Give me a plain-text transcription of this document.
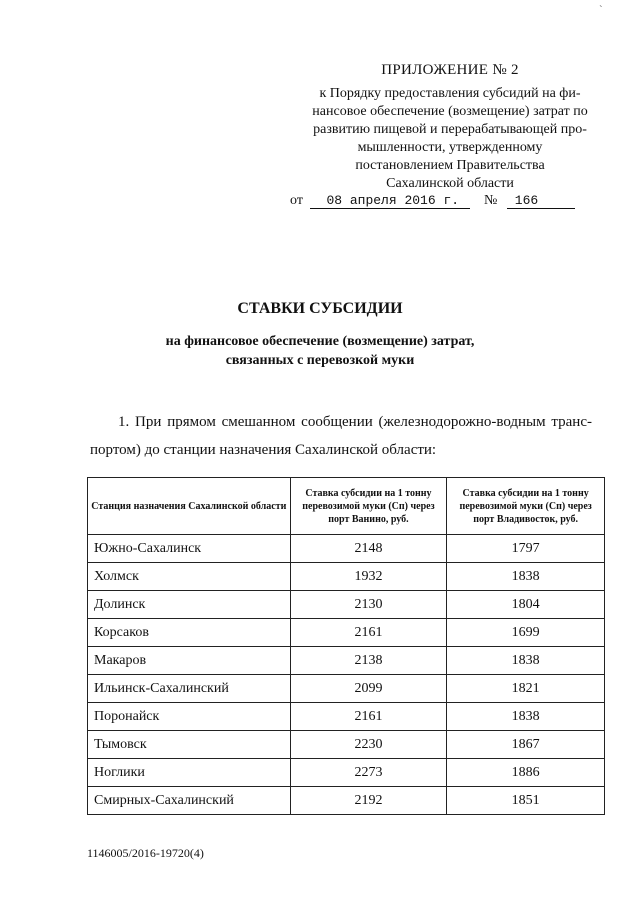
`
ПРИЛОЖЕНИЕ № 2
к Порядку предоставления субсидий на фи-
нансовое обеспечение (возмещение) затрат по
развитию пищевой и перерабатывающей про-
мышленности, утвержденному
постановлением Правительства
Сахалинской области
от 08 апреля 2016 г. № 166
СТАВКИ СУБСИДИИ
на финансовое обеспечение (возмещение) затрат,
связанных с перевозкой муки
1. При прямом смешанном сообщении (железнодорожно-водным транс-портом) до станции назначения Сахалинской области:
Станция назначения Сахалинской области	Ставка субсидии на 1 тонну перевозимой муки (Сп) через порт Ванино, руб.	Ставка субсидии на 1 тонну перевозимой муки (Сп) через порт Владивосток, руб.
Южно-Сахалинск	2148	1797
Холмск	1932	1838
Долинск	2130	1804
Корсаков	2161	1699
Макаров	2138	1838
Ильинск-Сахалинский	2099	1821
Поронайск	2161	1838
Тымовск	2230	1867
Ноглики	2273	1886
Смирных-Сахалинский	2192	1851
1146005/2016-19720(4)
